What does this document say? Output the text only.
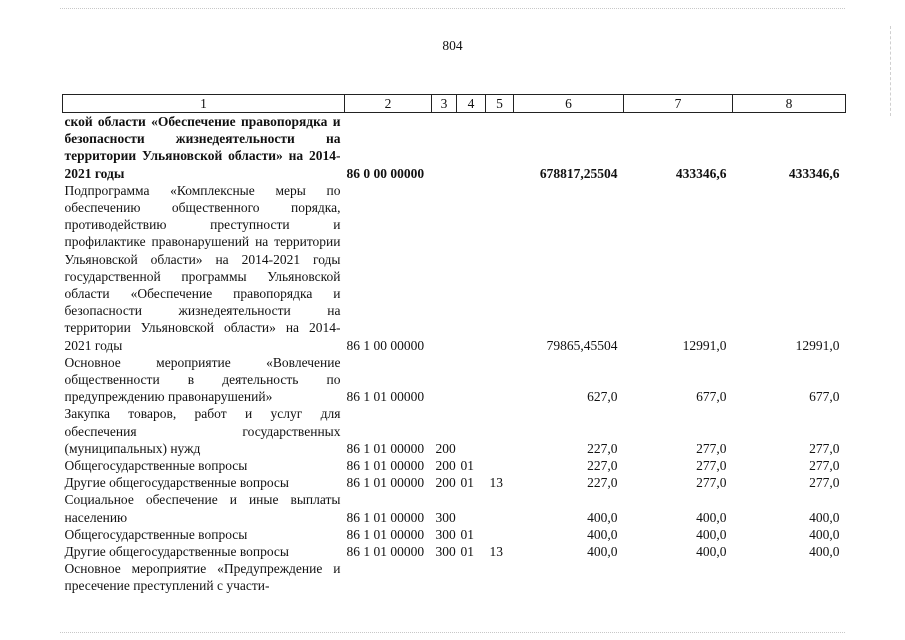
804
1	2	3	4	5	6	7	8
ской области «Обеспечение правопорядка и безопасности жизнедеятельности на территории Ульяновской области» на 2014-2021 годы	86 0 00 00000				678817,25504	433346,6	433346,6
Подпрограмма «Комплексные меры по обеспечению общественного порядка, противодействию преступности и профилактике правонарушений на территории Ульяновской области» на 2014-2021 годы государственной программы Ульяновской области «Обеспечение правопорядка и безопасности жизнедеятельности на территории Ульяновской области» на 2014-2021 годы	86 1 00 00000				79865,45504	12991,0	12991,0
Основное мероприятие «Вовлечение общественности в деятельность по предупреждению правонарушений»	86 1 01 00000				627,0	677,0	677,0
Закупка товаров, работ и услуг для обеспечения государственных (муниципальных) нужд	86 1 01 00000	200			227,0	277,0	277,0
Общегосударственные вопросы	86 1 01 00000	200	01		227,0	277,0	277,0
Другие общегосударственные вопросы	86 1 01 00000	200	01	13	227,0	277,0	277,0
Социальное обеспечение и иные выплаты населению	86 1 01 00000	300			400,0	400,0	400,0
Общегосударственные вопросы	86 1 01 00000	300	01		400,0	400,0	400,0
Другие общегосударственные вопросы	86 1 01 00000	300	01	13	400,0	400,0	400,0
Основное мероприятие «Предупреждение и пресечение преступлений с участи-							
